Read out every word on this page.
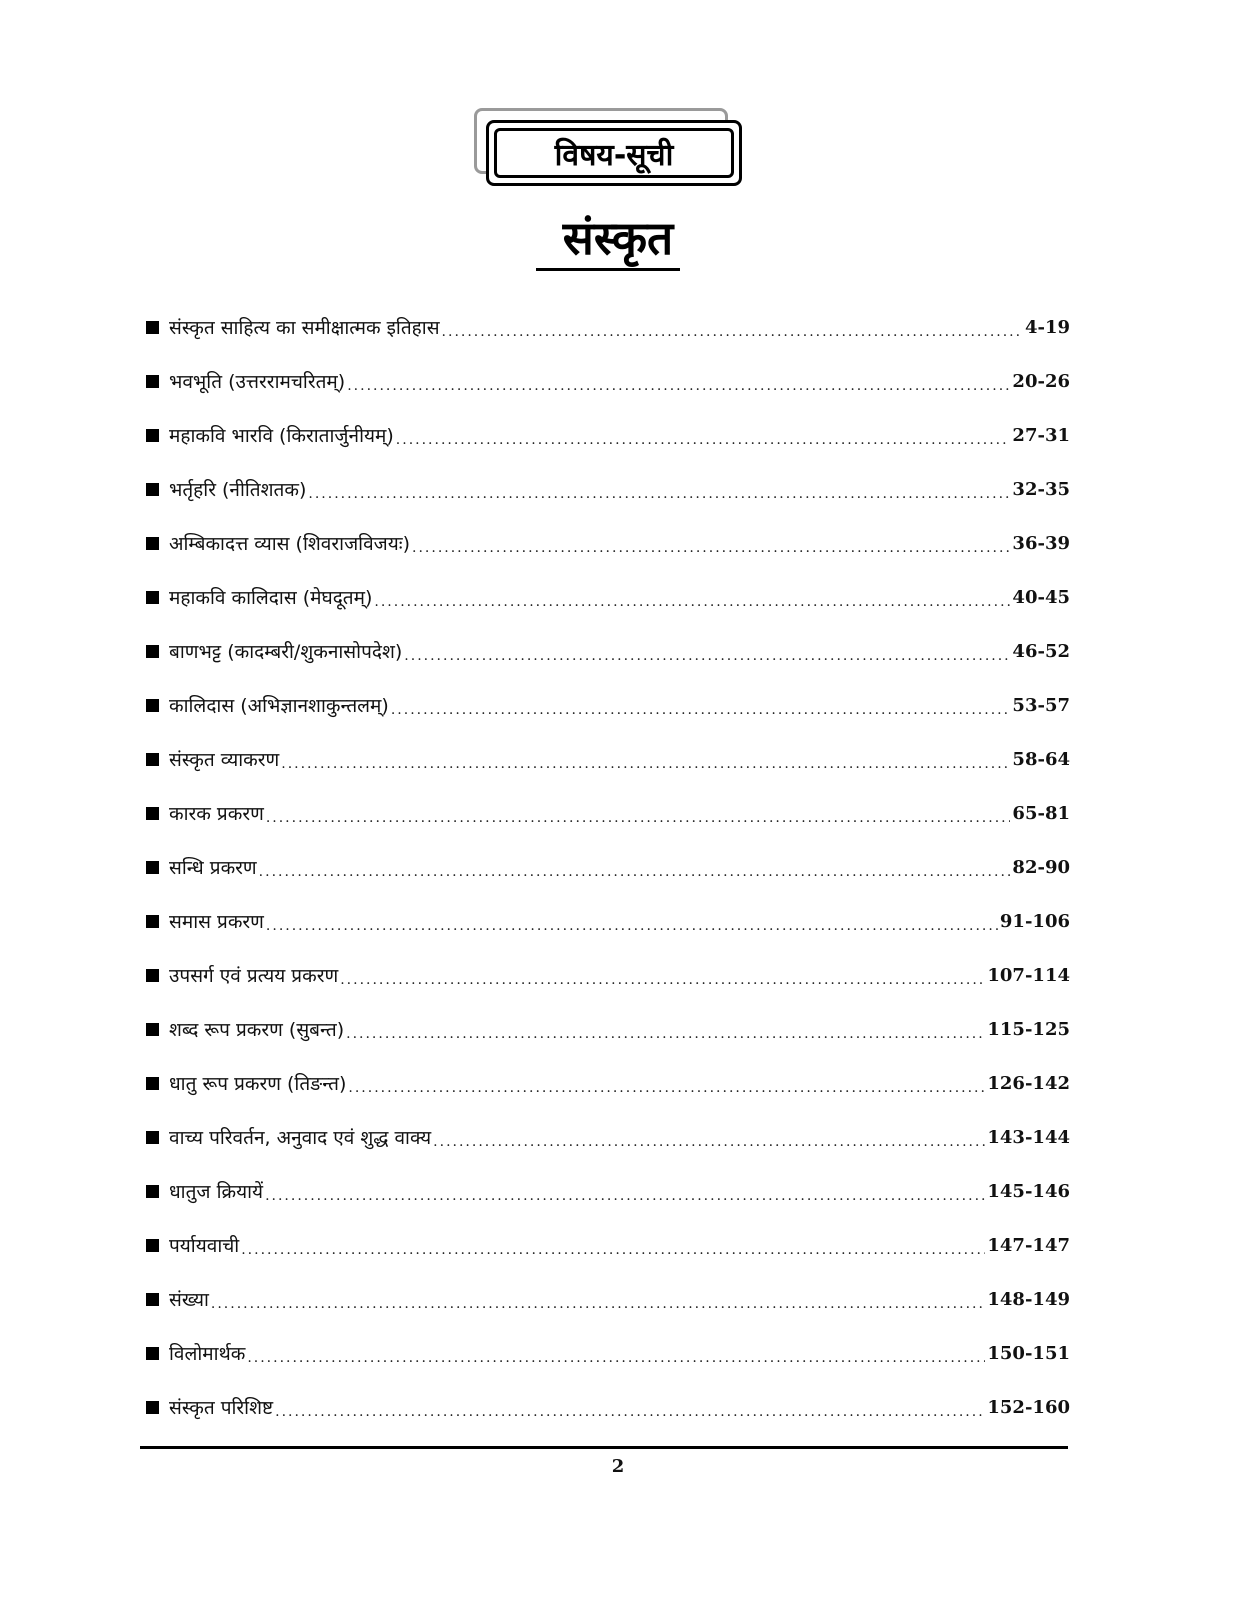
विषय-सूची
संस्कृत
संस्कृत साहित्य का समीक्षात्मक इतिहास .....	4-19
भवभूति (उत्तररामचरितम्) .....	20-26
महाकवि भारवि (किरातार्जुनीयम्) .....	27-31
भर्तृहरि (नीतिशतक) .....	32-35
अम्बिकादत्त व्यास (शिवराजविजयः) .....	36-39
महाकवि कालिदास (मेघदूतम्) .....	40-45
बाणभट्ट (कादम्बरी/शुकनासोपदेश) .....	46-52
कालिदास (अभिज्ञानशाकुन्तलम्) .....	53-57
संस्कृत व्याकरण .....	58-64
कारक प्रकरण .....	65-81
सन्धि प्रकरण .....	82-90
समास प्रकरण .....	91-106
उपसर्ग एवं प्रत्यय प्रकरण .....	107-114
शब्द रूप प्रकरण (सुबन्त) .....	115-125
धातु रूप प्रकरण (तिङन्त) .....	126-142
वाच्य परिवर्तन, अनुवाद एवं शुद्ध वाक्य .....	143-144
धातुज क्रियायें .....	145-146
पर्यायवाची .....	147-147
संख्या .....	148-149
विलोमार्थक .....	150-151
संस्कृत परिशिष्ट .....	152-160
2
